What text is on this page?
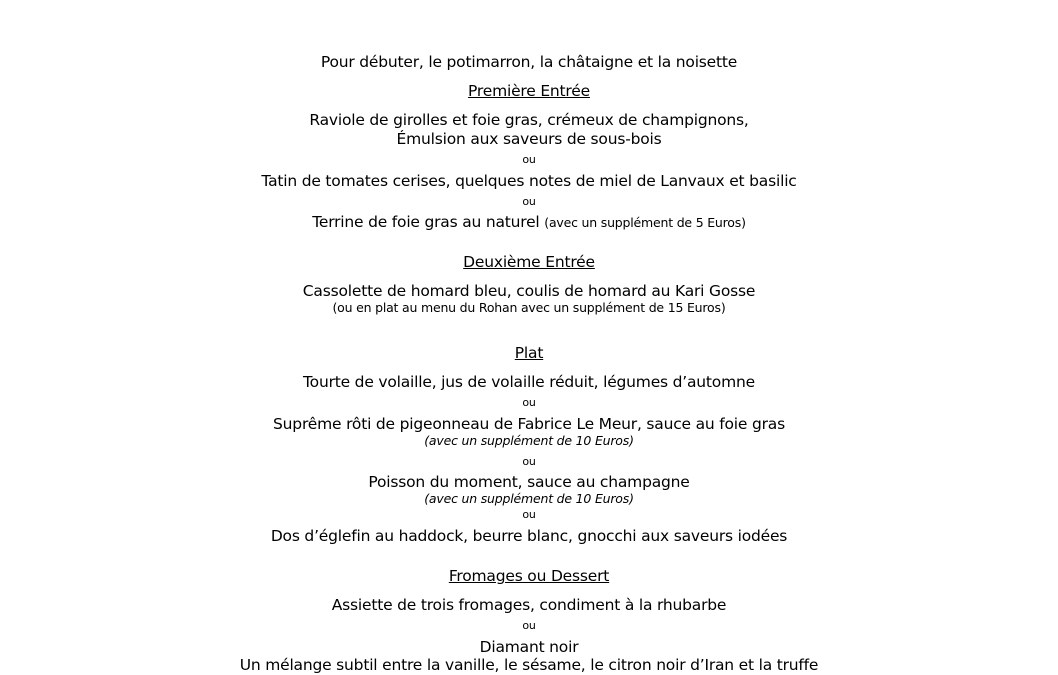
Pour débuter, le potimarron, la châtaigne et la noisette
Première Entrée
Raviole de girolles et foie gras, crémeux de champignons,
Émulsion aux saveurs de sous-bois
ou
Tatin de tomates cerises, quelques notes de miel de Lanvaux et basilic
ou
Terrine de foie gras au naturel (avec un supplément de 5 Euros)
Deuxième Entrée
Cassolette de homard bleu, coulis de homard au Kari Gosse
(ou en plat au menu du Rohan avec un supplément de 15 Euros)
Plat
Tourte de volaille, jus de volaille réduit, légumes d’automne
ou
Suprême rôti de pigeonneau de Fabrice Le Meur, sauce au foie gras
(avec un supplément de 10 Euros)
ou
Poisson du moment, sauce au champagne
(avec un supplément de 10 Euros)
ou
Dos d’églefin au haddock, beurre blanc, gnocchi aux saveurs iodées
Fromages ou Dessert
Assiette de trois fromages, condiment à la rhubarbe
ou
Diamant noir
Un mélange subtil entre la vanille, le sésame, le citron noir d’Iran et la truffe
